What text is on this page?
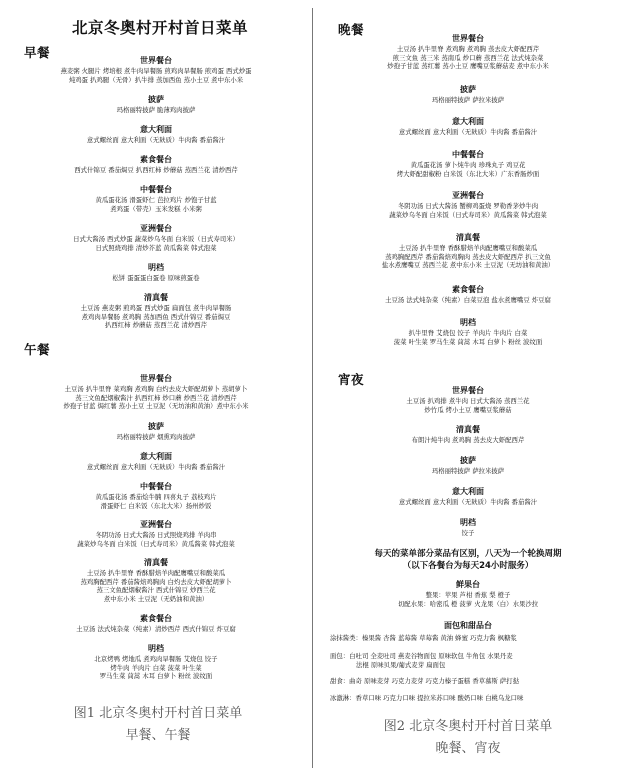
北京冬奥村开村首日菜单
早餐
世界餐台
燕麦粥 火腿片 烤培根 煮牛肉旱餐肠 煎鸡肉旱餐肠 煎鸡蛋 西式炒蛋
炖鸡蛋 扒鸡腿（无骨）扒牛排 蒸加西鱼 蒸小土豆 煮中东小米
披萨
玛格丽特披萨 脆薄鸡肉披萨
意大利面
意式螺丝面 意大利面（无麸质）牛肉酱 番茄酱汁
素食餐台
西式什锦豆 番茄焗豆 扒西红柿 炒蘑菇 蒸西兰花 清炒西芹
中餐餐台
黄瓜蛋花汤 滑蛋虾仁 芭拉鸡片 炒饱子甘蓝
煮鸡蛋（带壳）玉米发糕 小米粥
亚洲餐台
日式大酱汤 西式炒蛋 蔬菜炒乌冬面 白米饭（日式寿司米）
日式照烧鸡排 清炒芥蓝 黄瓜酱菜 韩式泡菜
明档
松饼 蛋蛋蛋白蛋卷 原味煎蛋卷
清真餐
土豆汤 燕麦粥 煎鸡蛋 西式炒蛋 扁面包 煮牛肉旱餐肠
煮鸡肉旱餐肠 煮鸡胸 蒸加西鱼 西式什锦豆 番茄焗豆
扒西红柿 炒蘑菇 蒸西兰花 清炒西芹
午餐
世界餐台
土豆汤 扒牛里脊 菜鸡胸 煮鸡胸 白灼去皮大虾配胡萝卜 蒸胡萝卜
蒸三文鱼配烟椒酱汁 扒西红柿 炒口蘑 炒西兰花 清炒西芹
炒孢子甘蓝 焗红薯 蒸小土豆 土豆泥（无坊油和黄油）煮中东小米
披萨
玛格丽特披萨 烟熏鸡肉披萨
意大利面
意式螺丝面 意大利面（无麸质）牛肉酱 番茄酱汁
中餐餐台
黄瓜蛋花汤 番茄烩牛腩 四喜丸子 荔枝鸡片
滑蛋虾仁 白米饭（东北大米）扬州炒饭
亚洲餐台
冬阴功汤 日式大酱汤 日式照烧鸡排 羊肉串
蔬菜炒乌冬面 白米饭（日式寿司米）黄瓜酱菜 韩式泡菜
清真餐
土豆汤 扒牛里脊 香酥腊焙羊肉配鹰嘴豆和酸菜瓜
蒸鸡胸配西芹 番茄酱焙鸡胸肉 白灼去皮大虾配胡萝卜
蒸三文鱼配烟椒酱汁 西式什锦豆 炒西兰花
煮中东小米 土豆泥（无奶油和黄油）
素食餐台
土豆汤 法式炖杂菜（纯素）清炒西芹 西式什锦豆 炸豆腐
明档
北京烤鸭 烤地瓜 煮鸡肉旱餐肠 艾烧包 饺子
烤牛肉 羊肉片 白菜 菠菜 叶生菜
罗马生菜 茼蒿 木耳 白萝卜 粉丝 波纹面
图1 北京冬奥村开村首日菜单
早餐、午餐
晚餐
世界餐台
土豆汤 扒牛里脊 煮鸡胸 煮鸡胸 蒸去皮大虾配西芹
煎三文鱼 蒸三米 蒸南瓜 炒口蘑 蒸西兰花 法式炖杂菜
炒孢子甘蓝 蒸红薯 蒸小土豆 鹰嘴豆浆蘑菇麦 煮中东小米
披萨
玛格丽特披萨 萨拉米披萨
意大利面
意式螺丝面 意大利面（无麸质）牛肉酱 番茄酱汁
中餐餐台
黄瓜蛋花汤 萝卜炖牛肉 珍珠丸子 鸡豆花
烤大虾配甜椒粉 白米饭（东北大米）广东香肠炒面
亚洲餐台
冬阴功汤 日式大酱汤 蟹柳鸡蛋烧 罗勒香茅炒牛肉
蔬菜炒乌冬面 白米饭（日式寿司米）黄瓜酱菜 韩式泡菜
清真餐
土豆汤 扒牛里脊 香酥腊焙羊肉配鹰嘴豆和酸菜瓜
蒸鸡胸配西芹 番茄酱焙鸡胸肉 蒸去皮大虾配西芹 扒三文鱼
盐水煮鹰嘴豆 蒸西兰花 煮中东小米 土豆泥（无坊油和黄油）
素食餐台
土豆汤 法式炖杂菜（纯素）白菜豆泡 盐水煮鹰嘴豆 炸豆腐
明档
扒牛里脊 艾烧包 饺子 羊肉片 牛肉片 白菜
菠菜 叶生菜 罗马生菜 茼蒿 木耳 白萝卜 粉丝 波纹面
宵夜
世界餐台
土豆汤 扒鸡排 煮牛肉 日式大酱汤 蒸西兰花
炒竹瓜 烤小土豆 鹰嘴豆浆蘑菇
清真餐
布朗汁炖牛肉 煮鸡胸 蒸去皮大虾配西芹
披萨
玛格丽特披萨 萨拉米披萨
意大利面
意式螺丝面 意大利面（无麸质）牛肉酱 番茄酱汁
明档
饺子
每天的菜单部分菜品有区别，八天为一个轮换周期
（以下各餐台为每天24小时服务）
鲜果台
整果：苹果 芦柑 香蕉 梨 橙子
切配水果：哈密瓜 橙 菠萝 火龙果（白）水果沙拉
面包和甜品台
涂抹酱类：榛果酱 杏酱 蓝莓酱 草莓酱 黄油 蜂蜜 巧克力酱 枫糖浆
面包：白吐司 全麦吐司 燕麦谷物面包 原味软包 牛角包 水果丹麦
法棍 原味贝果/葡式麦芽 扁面包
甜食：曲奇 原味麦芽 巧克力麦芽 巧克力榛子蛋糕 香草慕斯 萨打挞
冰激淋：香草口味 巧克力口味 提拉米苏口味 酸奶口味 白桃乌龙口味
图2 北京冬奥村开村首日菜单
晚餐、宵夜
